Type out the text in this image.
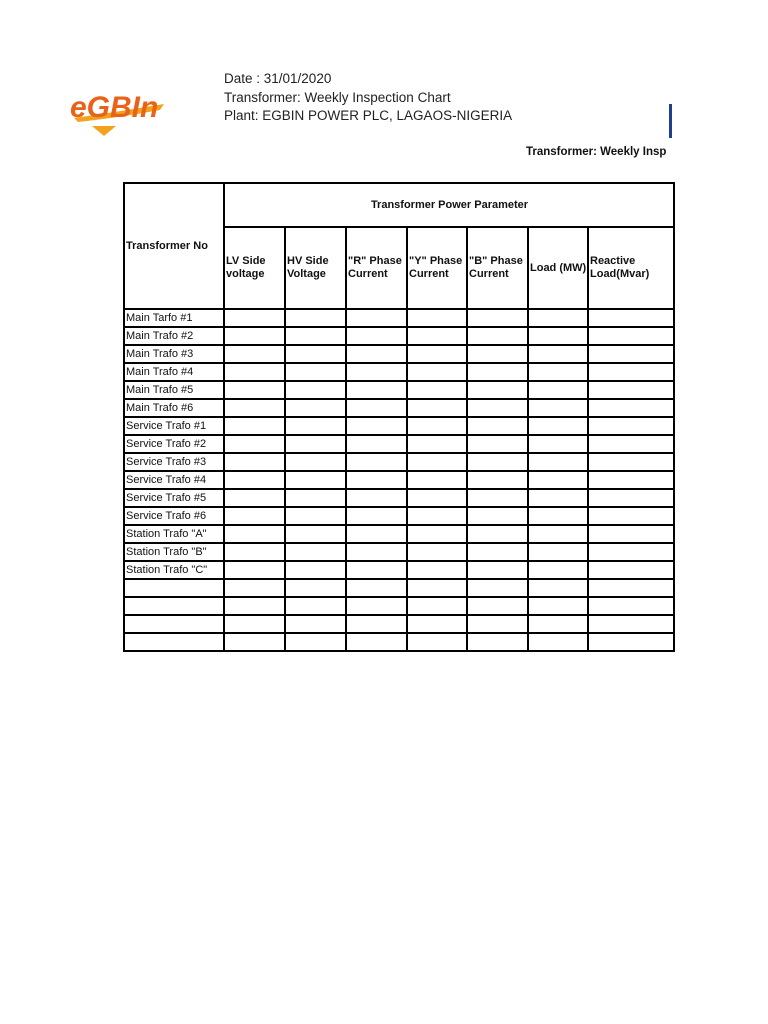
eGBIn
Date : 31/01/2020
Transformer: Weekly Inspection Chart
Plant: EGBIN POWER PLC, LAGAOS-NIGERIA
Transformer: Weekly Insp
Transformer No	Transformer Power Parameter						
	LV Side voltage	HV Side Voltage	"R" Phase Current	"Y" Phase Current	"B" Phase Current	Load (MW)	Reactive Load(Mvar)
Main Tarfo #1							
Main Trafo #2							
Main Trafo #3							
Main Trafo #4							
Main Trafo #5							
Main Trafo #6							
Service Trafo #1							
Service Trafo #2							
Service Trafo #3							
Service Trafo #4							
Service Trafo #5							
Service Trafo #6							
Station Trafo "A"							
Station Trafo "B"							
Station Trafo "C"							
